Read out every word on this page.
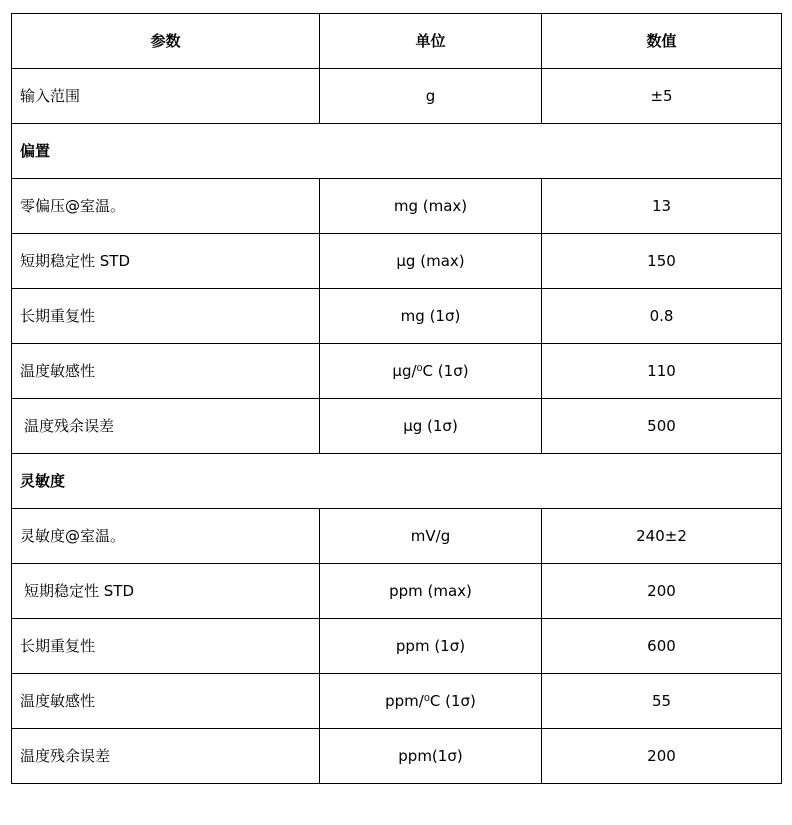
参数	单位	数值
输入范围	g	±5
偏置		
零偏压@室温。	mg (max)	13
短期稳定性 STD	µg (max)	150
长期重复性	mg (1σ)	0.8
温度敏感性	µg/⁰C (1σ)	110
温度残余误差	µg (1σ)	500
灵敏度		
灵敏度@室温。	mV/g	240±2
短期稳定性 STD	ppm (max)	200
长期重复性	ppm (1σ)	600
温度敏感性	ppm/⁰C (1σ)	55
温度残余误差	ppm(1σ)	200
